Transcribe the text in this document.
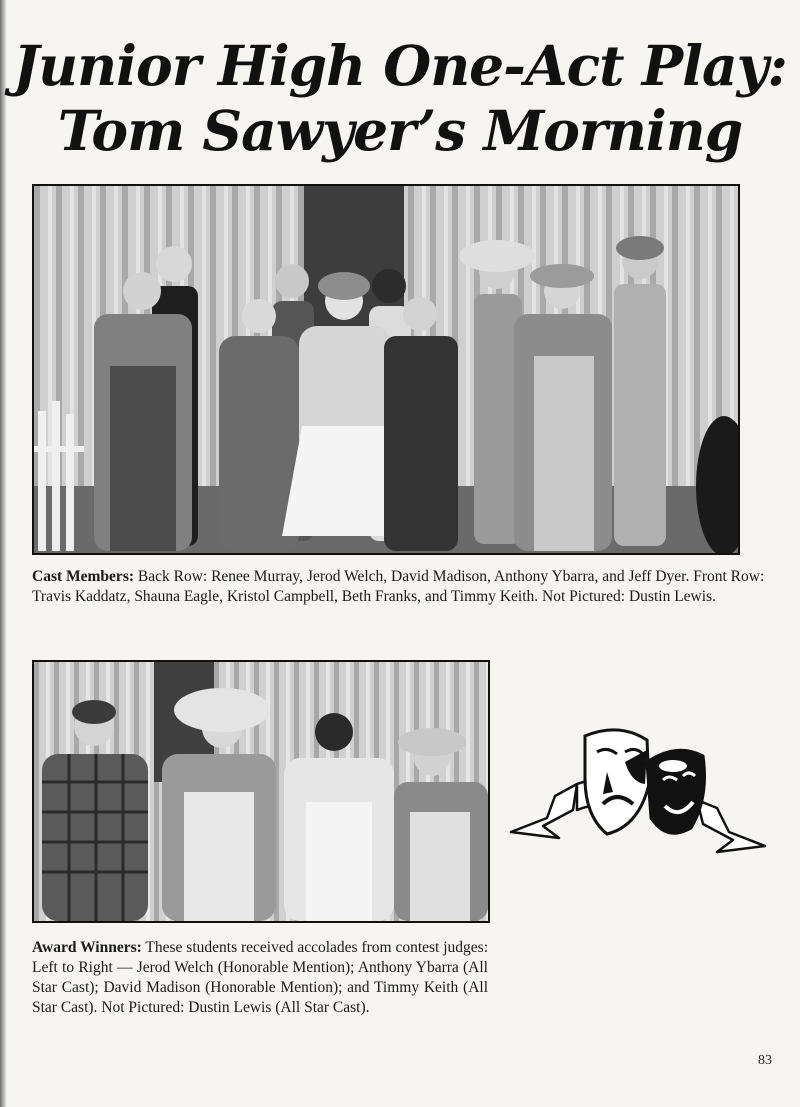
Junior High One-Act Play:
Tom Sawyer’s Morning

Cast Members: Back Row: Renee Murray, Jerod Welch, David Madison, Anthony Ybarra, and Jeff Dyer. Front Row: Travis Kaddatz, Shauna Eagle, Kristol Campbell, Beth Franks, and Timmy Keith. Not Pictured: Dustin Lewis.

Award Winners: These students received accolades from contest judges: Left to Right — Jerod Welch (Honorable Mention); Anthony Ybarra (All Star Cast); David Madison (Honorable Mention); and Timmy Keith (All Star Cast). Not Pictured: Dustin Lewis (All Star Cast).

83
